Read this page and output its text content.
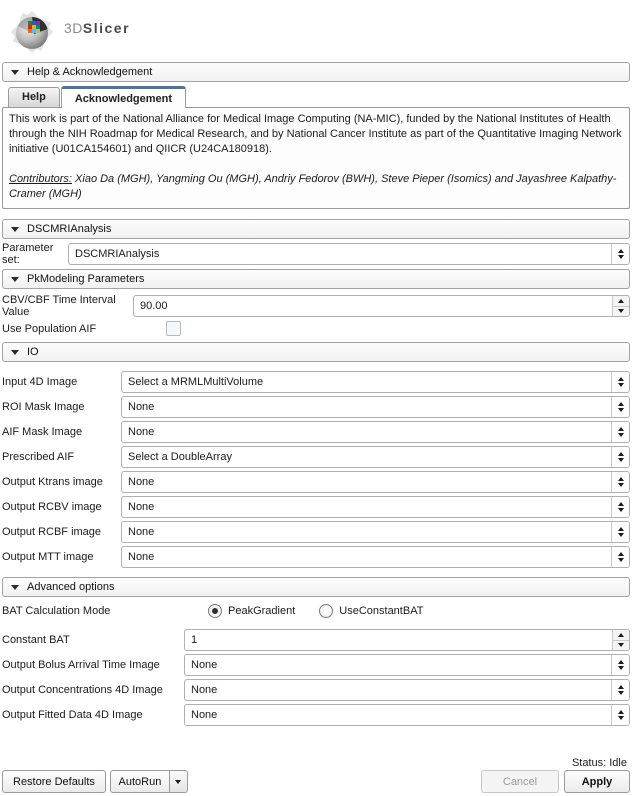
3DSlicer
Help & Acknowledgement
Help	Acknowledgement

This work is part of the National Alliance for Medical Image Computing (NA-MIC), funded by the National Institutes of Health through the NIH Roadmap for Medical Research, and by National Cancer Institute as part of the Quantitative Imaging Network initiative (U01CA154601) and QIICR (U24CA180918).

Contributors: Xiao Da (MGH), Yangming Ou (MGH), Andriy Fedorov (BWH), Steve Pieper (Isomics) and Jayashree Kalpathy-Cramer (MGH)

DSCMRIAnalysis
Parameter set:	DSCMRIAnalysis
PkModeling Parameters
CBV/CBF Time Interval Value	90.00
Use Population AIF
IO
Input 4D Image	Select a MRMLMultiVolume
ROI Mask Image	None
AIF Mask Image	None
Prescribed AIF	Select a DoubleArray
Output Ktrans image	None
Output RCBV image	None
Output RCBF image	None
Output MTT image	None
Advanced options
BAT Calculation Mode	PeakGradient	UseConstantBAT
Constant BAT	1
Output Bolus Arrival Time Image	None
Output Concentrations 4D Image	None
Output Fitted Data 4D Image	None
Status: Idle
Restore Defaults	AutoRun	Cancel	Apply
